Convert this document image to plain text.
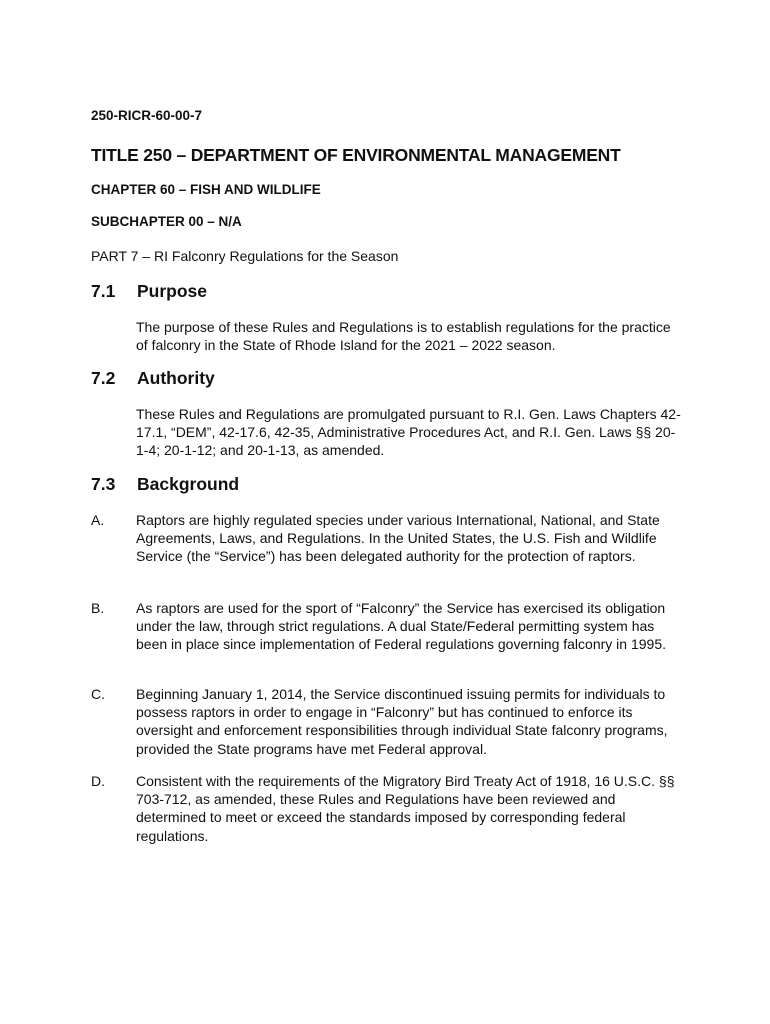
250-RICR-60-00-7
TITLE 250 – DEPARTMENT OF ENVIRONMENTAL MANAGEMENT
CHAPTER 60 – FISH AND WILDLIFE
SUBCHAPTER 00 – N/A
PART 7 – RI Falconry Regulations for the Season
7.1 Purpose
The purpose of these Rules and Regulations is to establish regulations for the practice of falconry in the State of Rhode Island for the 2021 – 2022 season.
7.2 Authority
These Rules and Regulations are promulgated pursuant to R.I. Gen. Laws Chapters 42-17.1, “DEM”, 42-17.6, 42-35, Administrative Procedures Act, and R.I. Gen. Laws §§ 20-1-4; 20-1-12; and 20-1-13, as amended.
7.3 Background
A. Raptors are highly regulated species under various International, National, and State Agreements, Laws, and Regulations. In the United States, the U.S. Fish and Wildlife Service (the “Service”) has been delegated authority for the protection of raptors.
B. As raptors are used for the sport of “Falconry” the Service has exercised its obligation under the law, through strict regulations. A dual State/Federal permitting system has been in place since implementation of Federal regulations governing falconry in 1995.
C. Beginning January 1, 2014, the Service discontinued issuing permits for individuals to possess raptors in order to engage in “Falconry” but has continued to enforce its oversight and enforcement responsibilities through individual State falconry programs, provided the State programs have met Federal approval.
D. Consistent with the requirements of the Migratory Bird Treaty Act of 1918, 16 U.S.C. §§ 703-712, as amended, these Rules and Regulations have been reviewed and determined to meet or exceed the standards imposed by corresponding federal regulations.
